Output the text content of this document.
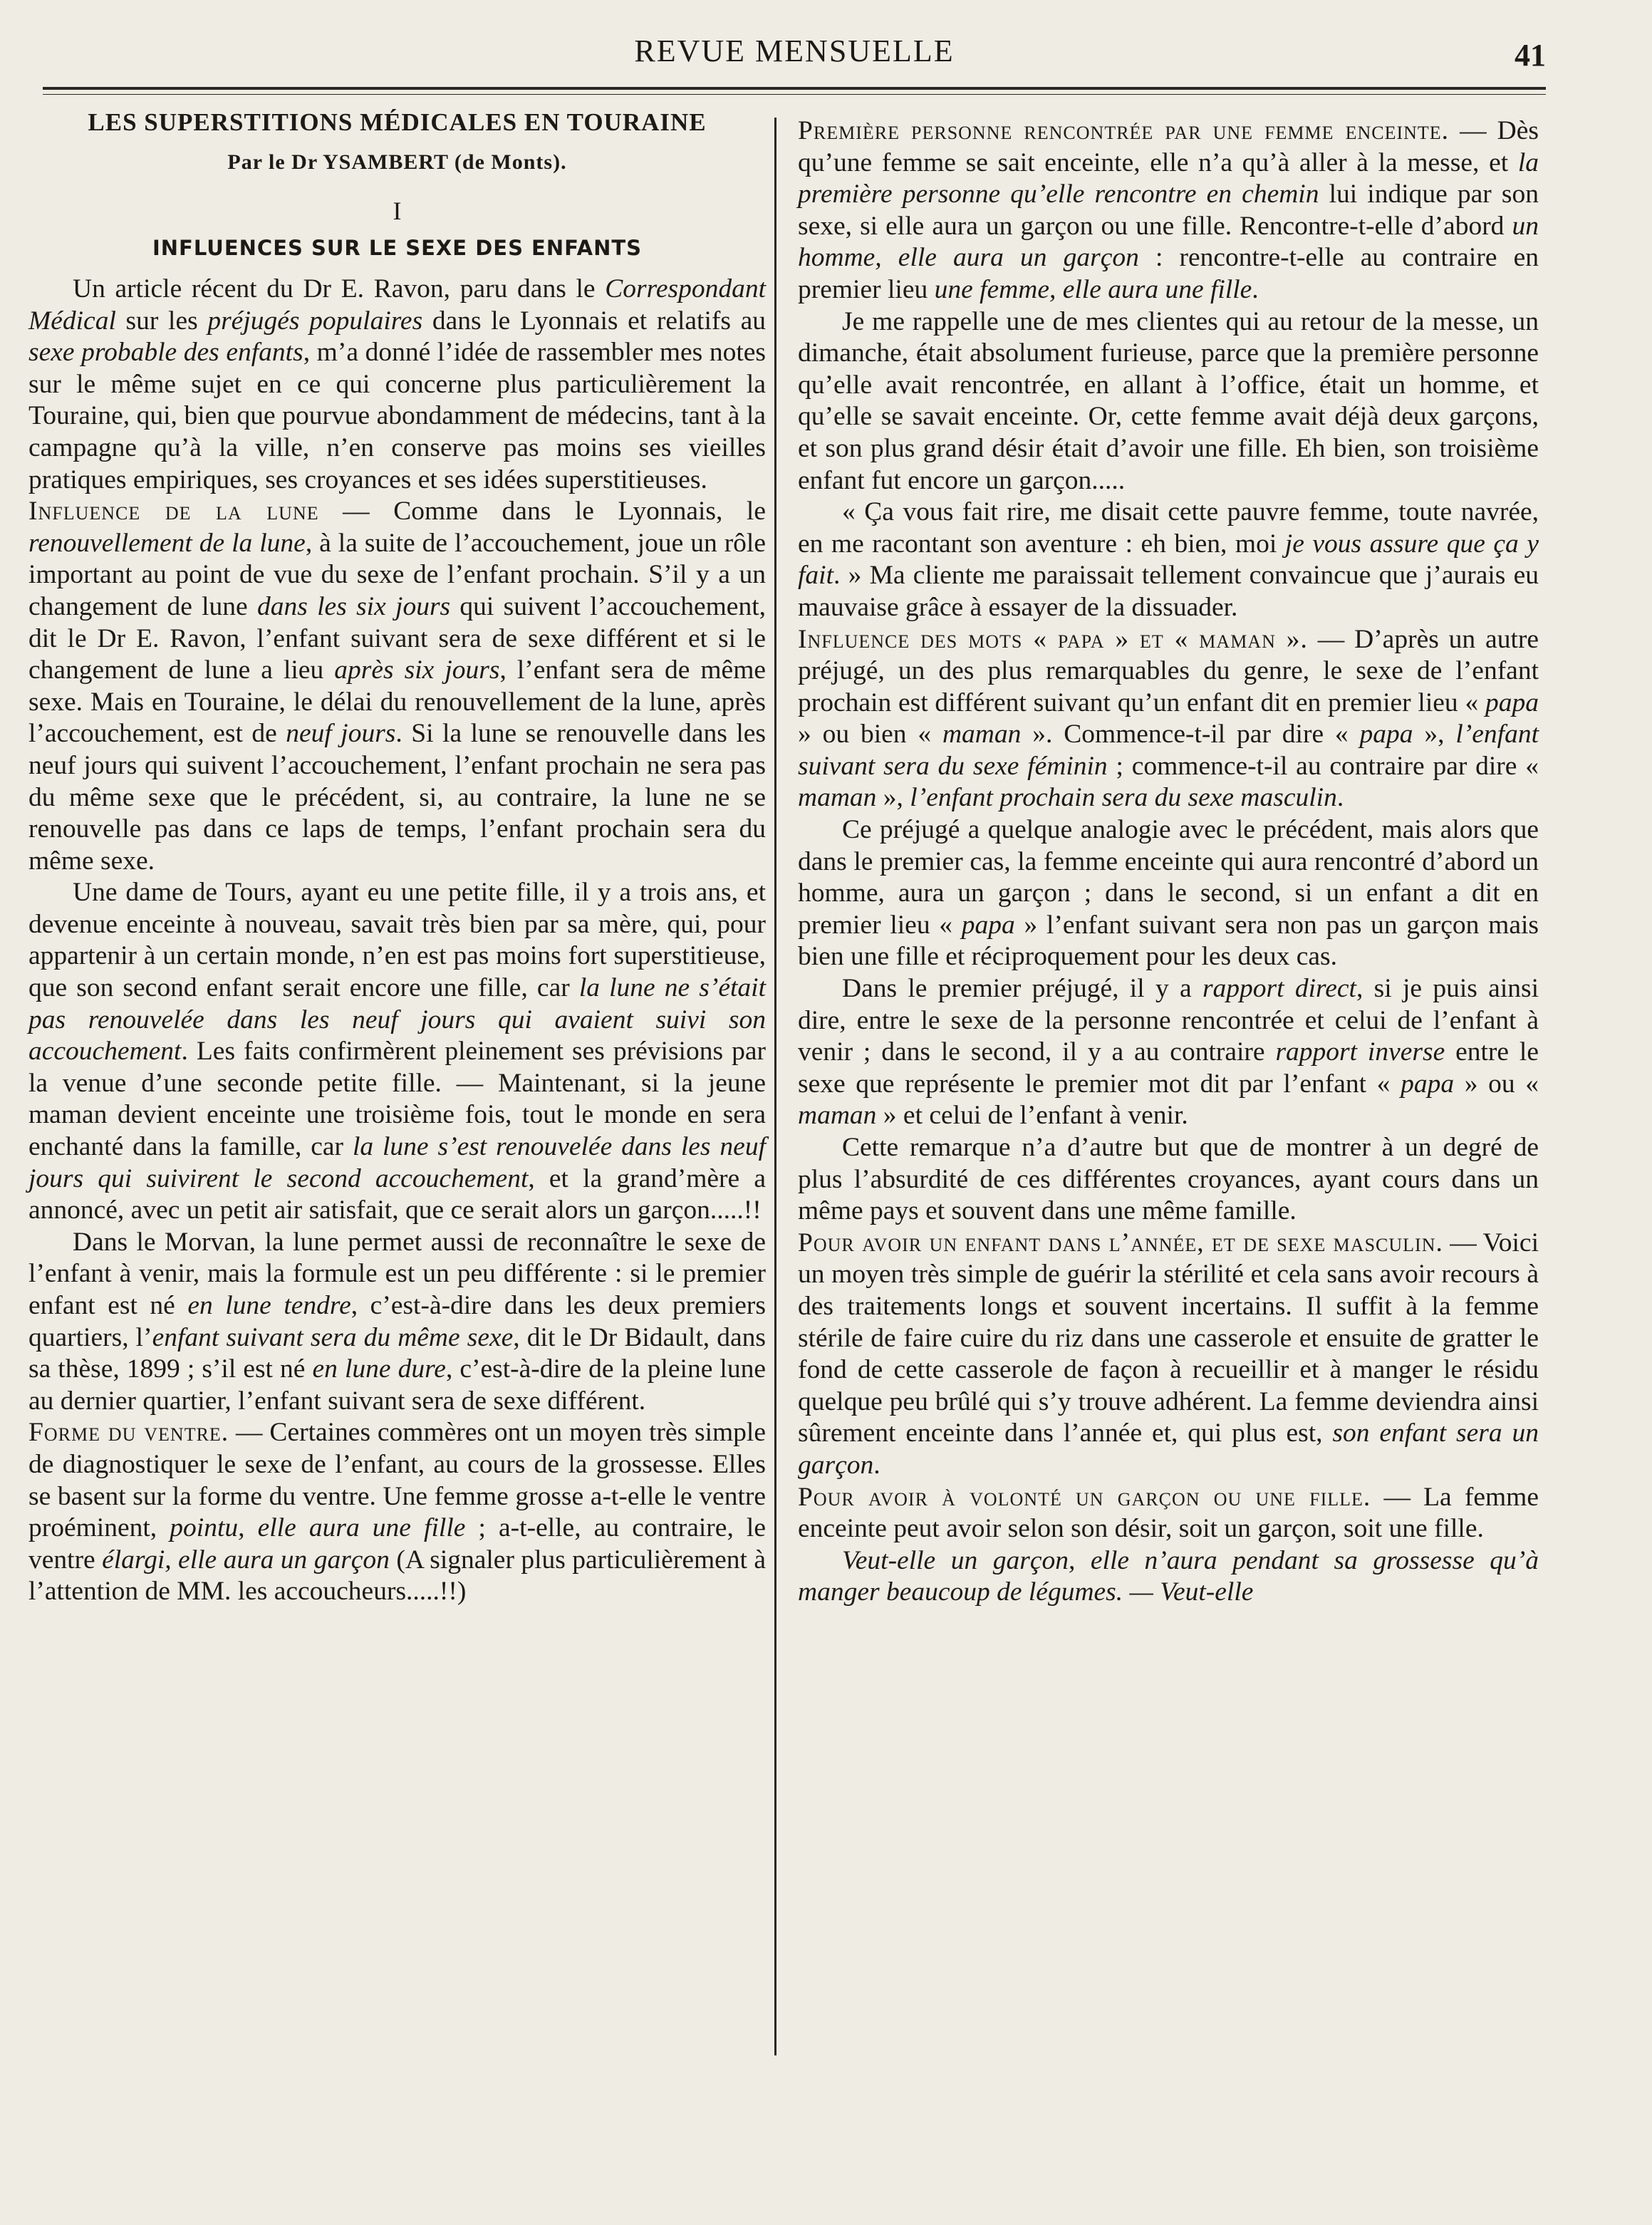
REVUE MENSUELLE	41
LES SUPERSTITIONS MÉDICALES EN TOURAINE
Par le Dr YSAMBERT (de Monts).
I
INFLUENCES SUR LE SEXE DES ENFANTS

Un article récent du Dr E. Ravon, paru dans le Correspondant Médical sur les préjugés populaires dans le Lyonnais et relatifs au sexe probable des enfants, m’a donné l’idée de rassembler mes notes sur le même sujet en ce qui concerne plus particulièrement la Touraine, qui, bien que pourvue abondamment de médecins, tant à la campagne qu’à la ville, n’en conserve pas moins ses vieilles pratiques empiriques, ses croyances et ses idées superstitieuses.

Influence de la lune — Comme dans le Lyonnais, le renouvellement de la lune, à la suite de l’accouchement, joue un rôle important au point de vue du sexe de l’enfant prochain. S’il y a un changement de lune dans les six jours qui suivent l’accouchement, dit le Dr E. Ravon, l’enfant suivant sera de sexe différent et si le changement de lune a lieu après six jours, l’enfant sera de même sexe. Mais en Touraine, le délai du renouvellement de la lune, après l’accouchement, est de neuf jours. Si la lune se renouvelle dans les neuf jours qui suivent l’accouchement, l’enfant prochain ne sera pas du même sexe que le précédent, si, au contraire, la lune ne se renouvelle pas dans ce laps de temps, l’enfant prochain sera du même sexe.

Une dame de Tours, ayant eu une petite fille, il y a trois ans, et devenue enceinte à nouveau, savait très bien par sa mère, qui, pour appartenir à un certain monde, n’en est pas moins fort superstitieuse, que son second enfant serait encore une fille, car la lune ne s’était pas renouvelée dans les neuf jours qui avaient suivi son accouchement. Les faits confirmèrent pleinement ses prévisions par la venue d’une seconde petite fille. — Maintenant, si la jeune maman devient enceinte une troisième fois, tout le monde en sera enchanté dans la famille, car la lune s’est renouvelée dans les neuf jours qui suivirent le second accouchement, et la grand’mère a annoncé, avec un petit air satisfait, que ce serait alors un garçon.....!!

Dans le Morvan, la lune permet aussi de reconnaître le sexe de l’enfant à venir, mais la formule est un peu différente : si le premier enfant est né en lune tendre, c’est-à-dire dans les deux premiers quartiers, l’enfant suivant sera du même sexe, dit le Dr Bidault, dans sa thèse, 1899 ; s’il est né en lune dure, c’est-à-dire de la pleine lune au dernier quartier, l’enfant suivant sera de sexe différent.

Forme du ventre. — Certaines commères ont un moyen très simple de diagnostiquer le sexe de l’enfant, au cours de la grossesse. Elles se basent sur la forme du ventre. Une femme grosse a-t-elle le ventre proéminent, pointu, elle aura une fille ; a-t-elle, au contraire, le ventre élargi, elle aura un garçon (A signaler plus particulièrement à l’attention de MM. les accoucheurs.....!!)

Première personne rencontrée par une femme enceinte. — Dès qu’une femme se sait enceinte, elle n’a qu’à aller à la messe, et la première personne qu’elle rencontre en chemin lui indique par son sexe, si elle aura un garçon ou une fille. Rencontre-t-elle d’abord un homme, elle aura un garçon : rencontre-t-elle au contraire en premier lieu une femme, elle aura une fille.

Je me rappelle une de mes clientes qui au retour de la messe, un dimanche, était absolument furieuse, parce que la première personne qu’elle avait rencontrée, en allant à l’office, était un homme, et qu’elle se savait enceinte. Or, cette femme avait déjà deux garçons, et son plus grand désir était d’avoir une fille. Eh bien, son troisième enfant fut encore un garçon.....

« Ça vous fait rire, me disait cette pauvre femme, toute navrée, en me racontant son aventure : eh bien, moi je vous assure que ça y fait. » Ma cliente me paraissait tellement convaincue que j’aurais eu mauvaise grâce à essayer de la dissuader.

Influence des mots « papa » et « maman ». — D’après un autre préjugé, un des plus remarquables du genre, le sexe de l’enfant prochain est différent suivant qu’un enfant dit en premier lieu « papa » ou bien « maman ». Commence-t-il par dire « papa », l’enfant suivant sera du sexe féminin ; commence-t-il au contraire par dire « maman », l’enfant prochain sera du sexe masculin.

Ce préjugé a quelque analogie avec le précédent, mais alors que dans le premier cas, la femme enceinte qui aura rencontré d’abord un homme, aura un garçon ; dans le second, si un enfant a dit en premier lieu « papa » l’enfant suivant sera non pas un garçon mais bien une fille et réciproquement pour les deux cas.

Dans le premier préjugé, il y a rapport direct, si je puis ainsi dire, entre le sexe de la personne rencontrée et celui de l’enfant à venir ; dans le second, il y a au contraire rapport inverse entre le sexe que représente le premier mot dit par l’enfant « papa » ou « maman » et celui de l’enfant à venir.

Cette remarque n’a d’autre but que de montrer à un degré de plus l’absurdité de ces différentes croyances, ayant cours dans un même pays et souvent dans une même famille.

Pour avoir un enfant dans l’année, et de sexe masculin. — Voici un moyen très simple de guérir la stérilité et cela sans avoir recours à des traitements longs et souvent incertains. Il suffit à la femme stérile de faire cuire du riz dans une casserole et ensuite de gratter le fond de cette casserole de façon à recueillir et à manger le résidu quelque peu brûlé qui s’y trouve adhérent. La femme deviendra ainsi sûrement enceinte dans l’année et, qui plus est, son enfant sera un garçon.

Pour avoir à volonté un garçon ou une fille. — La femme enceinte peut avoir selon son désir, soit un garçon, soit une fille.

Veut-elle un garçon, elle n’aura pendant sa grossesse qu’à manger beaucoup de légumes. — Veut-elle
